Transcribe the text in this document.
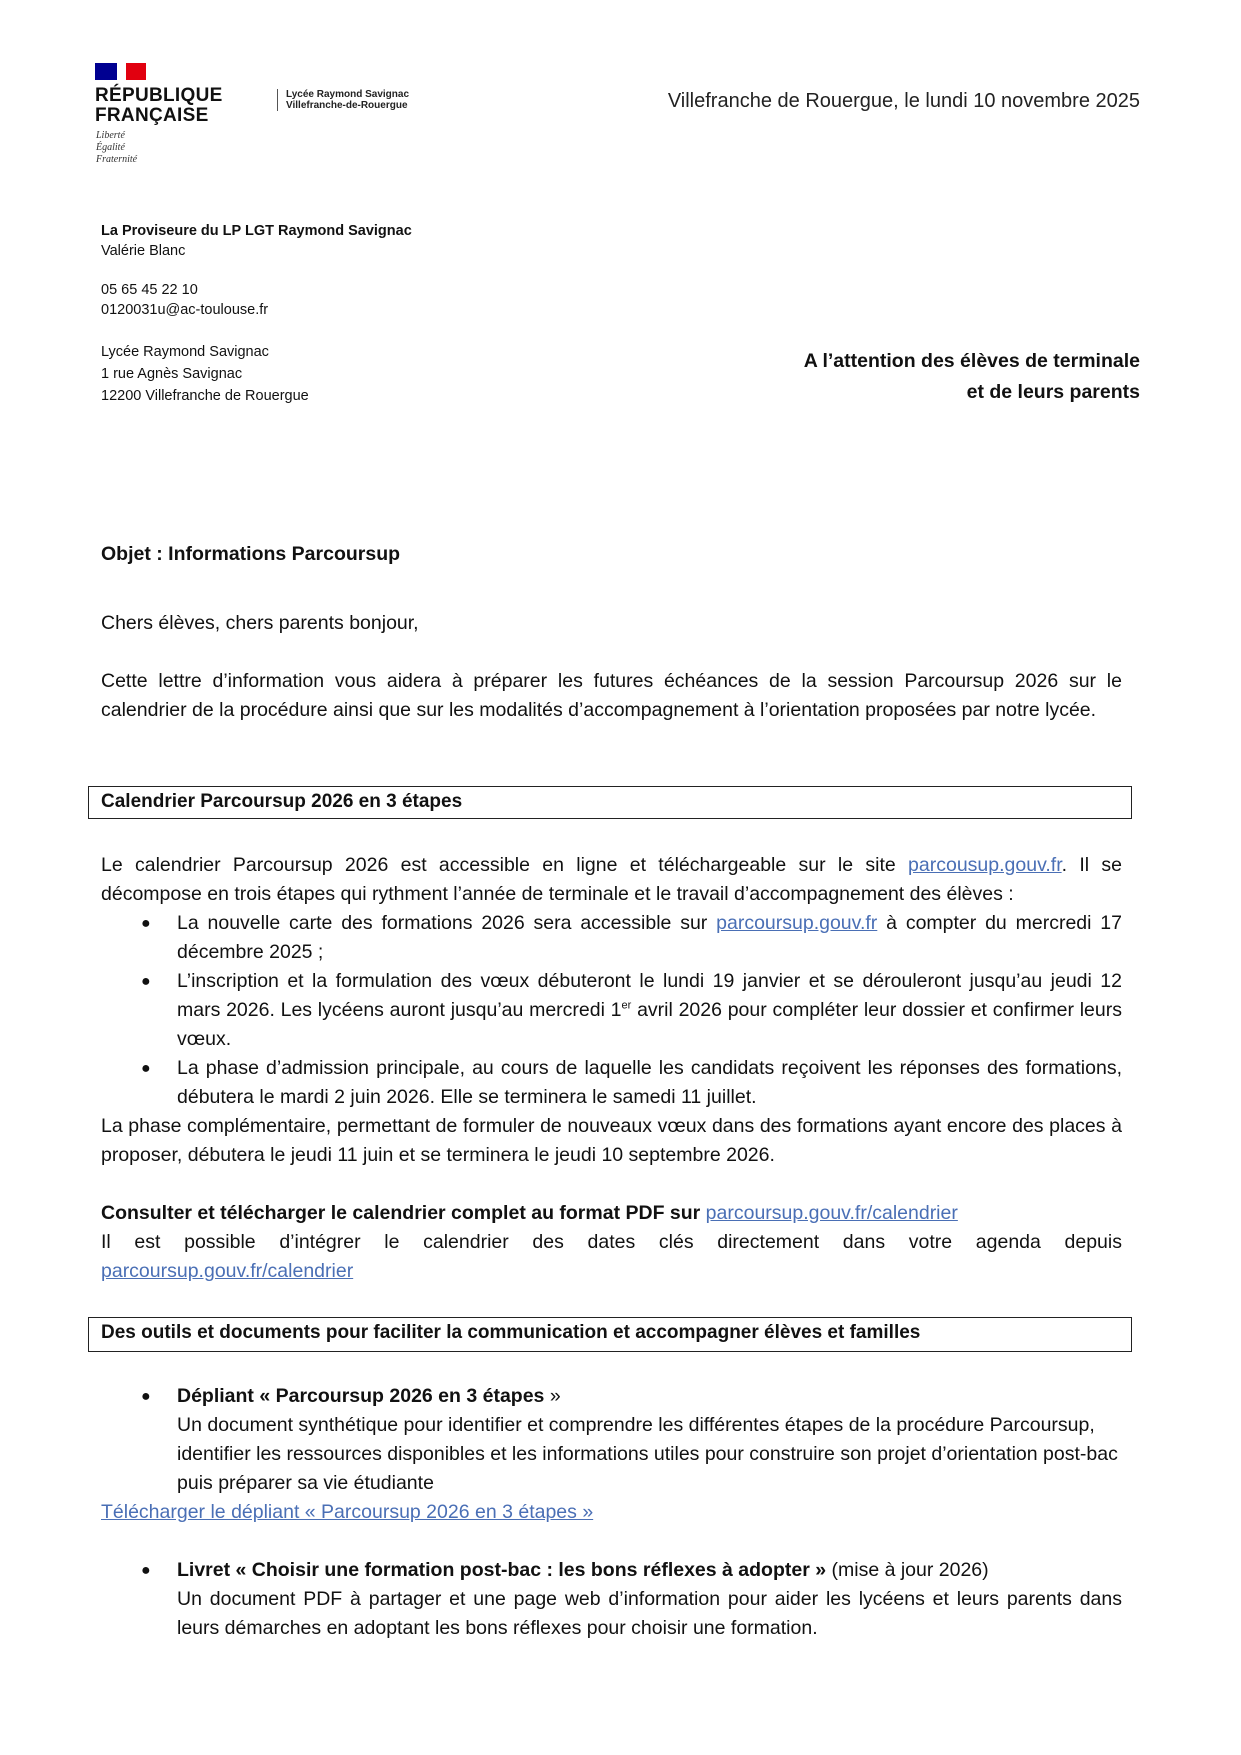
RÉPUBLIQUE
FRANÇAISE
Liberté
Égalité
Fraternité
Lycée Raymond Savignac
Villefranche-de-Rouergue	Villefranche de Rouergue, le lundi 10 novembre 2025
La Proviseure du LP LGT Raymond Savignac
Valérie Blanc
05 65 45 22 10
0120031u@ac-toulouse.fr
Lycée Raymond Savignac
1 rue Agnès Savignac
12200 Villefranche de Rouergue
A l’attention des élèves de terminale
et de leurs parents
Objet : Informations Parcoursup
Chers élèves, chers parents bonjour,
Cette lettre d’information vous aidera à préparer les futures échéances de la session Parcoursup 2026 sur le calendrier de la procédure ainsi que sur les modalités d’accompagnement à l’orientation proposées par notre lycée.
Calendrier Parcoursup 2026 en 3 étapes
Le calendrier Parcoursup 2026 est accessible en ligne et téléchargeable sur le site parcousup.gouv.fr. Il se décompose en trois étapes qui rythment l’année de terminale et le travail d’accompagnement des élèves :
● La nouvelle carte des formations 2026 sera accessible sur parcoursup.gouv.fr à compter du mercredi 17 décembre 2025 ;
● L’inscription et la formulation des vœux débuteront le lundi 19 janvier et se dérouleront jusqu’au jeudi 12 mars 2026. Les lycéens auront jusqu’au mercredi 1er avril 2026 pour compléter leur dossier et confirmer leurs vœux.
● La phase d’admission principale, au cours de laquelle les candidats reçoivent les réponses des formations, débutera le mardi 2 juin 2026. Elle se terminera le samedi 11 juillet.
La phase complémentaire, permettant de formuler de nouveaux vœux dans des formations ayant encore des places à proposer, débutera le jeudi 11 juin et se terminera le jeudi 10 septembre 2026.
Consulter et télécharger le calendrier complet au format PDF sur parcoursup.gouv.fr/calendrier
Il est possible d’intégrer le calendrier des dates clés directement dans votre agenda depuis parcoursup.gouv.fr/calendrier
Des outils et documents pour faciliter la communication et accompagner élèves et familles
● Dépliant « Parcoursup 2026 en 3 étapes »
Un document synthétique pour identifier et comprendre les différentes étapes de la procédure Parcoursup, identifier les ressources disponibles et les informations utiles pour construire son projet d’orientation post-bac puis préparer sa vie étudiante
Télécharger le dépliant « Parcoursup 2026 en 3 étapes »
● Livret « Choisir une formation post-bac : les bons réflexes à adopter » (mise à jour 2026)
Un document PDF à partager et une page web d’information pour aider les lycéens et leurs parents dans leurs démarches en adoptant les bons réflexes pour choisir une formation.
